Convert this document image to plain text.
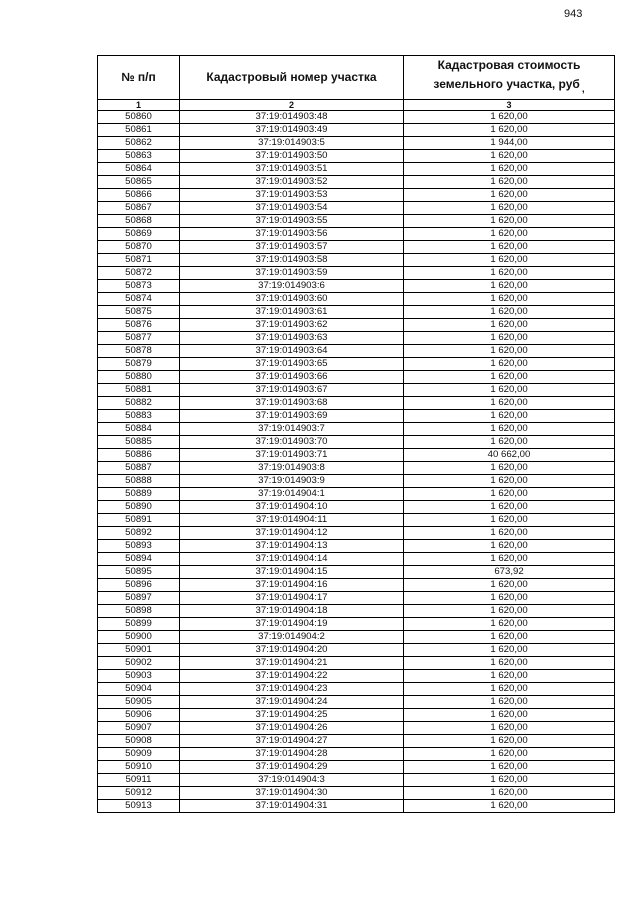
943
№ п/п	Кадастровый номер участка	Кадастровая стоимость земельного участка, руб $_,$
1	2	3
50860	37:19:014903:48	1 620,00
50861	37:19:014903:49	1 620,00
50862	37:19:014903:5	1 944,00
50863	37:19:014903:50	1 620,00
50864	37:19:014903:51	1 620,00
50865	37:19:014903:52	1 620,00
50866	37:19:014903:53	1 620,00
50867	37:19:014903:54	1 620,00
50868	37:19:014903:55	1 620,00
50869	37:19:014903:56	1 620,00
50870	37:19:014903:57	1 620,00
50871	37:19:014903:58	1 620,00
50872	37:19:014903:59	1 620,00
50873	37:19:014903:6	1 620,00
50874	37:19:014903:60	1 620,00
50875	37:19:014903:61	1 620,00
50876	37:19:014903:62	1 620,00
50877	37:19:014903:63	1 620,00
50878	37:19:014903:64	1 620,00
50879	37:19:014903:65	1 620,00
50880	37:19:014903:66	1 620,00
50881	37:19:014903:67	1 620,00
50882	37:19:014903:68	1 620,00
50883	37:19:014903:69	1 620,00
50884	37:19:014903:7	1 620,00
50885	37:19:014903:70	1 620,00
50886	37:19:014903:71	40 662,00
50887	37:19:014903:8	1 620,00
50888	37:19:014903:9	1 620,00
50889	37:19:014904:1	1 620,00
50890	37:19:014904:10	1 620,00
50891	37:19:014904:11	1 620,00
50892	37:19:014904:12	1 620,00
50893	37:19:014904:13	1 620,00
50894	37:19:014904:14	1 620,00
50895	37:19:014904:15	673,92
50896	37:19:014904:16	1 620,00
50897	37:19:014904:17	1 620,00
50898	37:19:014904:18	1 620,00
50899	37:19:014904:19	1 620,00
50900	37:19:014904:2	1 620,00
50901	37:19:014904:20	1 620,00
50902	37:19:014904:21	1 620,00
50903	37:19:014904:22	1 620,00
50904	37:19:014904:23	1 620,00
50905	37:19:014904:24	1 620,00
50906	37:19:014904:25	1 620,00
50907	37:19:014904:26	1 620,00
50908	37:19:014904:27	1 620,00
50909	37:19:014904:28	1 620,00
50910	37:19:014904:29	1 620,00
50911	37:19:014904:3	1 620,00
50912	37:19:014904:30	1 620,00
50913	37:19:014904:31	1 620,00
